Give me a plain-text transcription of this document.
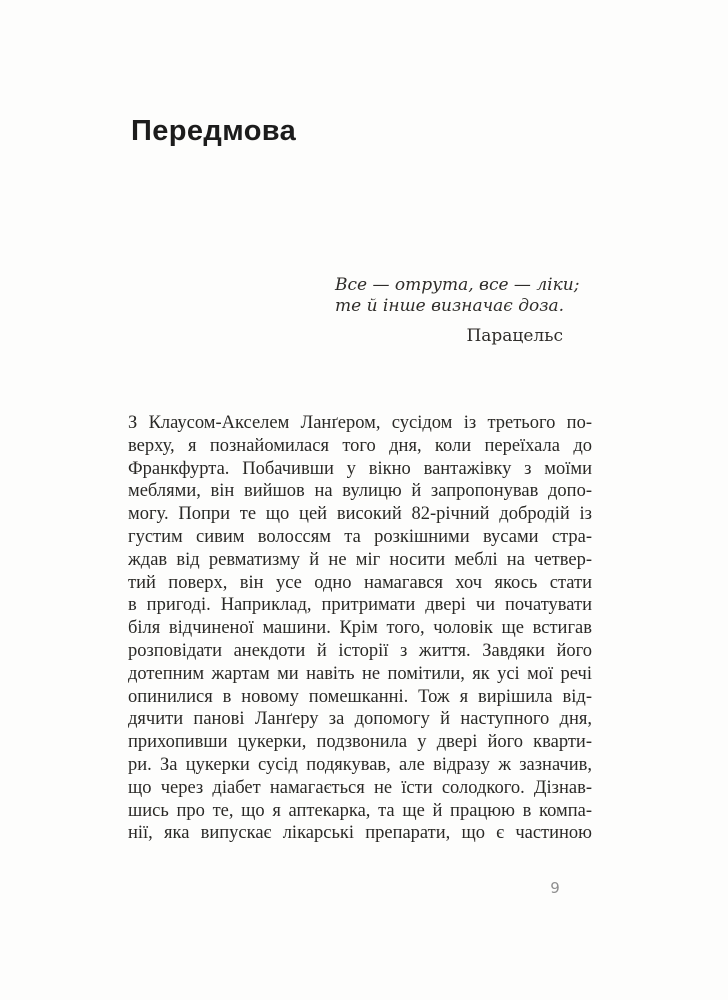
Передмова
Все — отрута, все — ліки;
те й інше визначає доза.
Парацельс
З Клаусом-Акселем Ланґером, сусідом із третього по-
верху, я познайомилася того дня, коли переїхала до
Франкфурта. Побачивши у вікно вантажівку з моїми
меблями, він вийшов на вулицю й запропонував допо-
могу. Попри те що цей високий 82-річний добродій із
густим сивим волоссям та розкішними вусами стра-
ждав від ревматизму й не міг носити меблі на четвер-
тий поверх, він усе одно намагався хоч якось стати
в пригоді. Наприклад, притримати двері чи початувати
біля відчиненої машини. Крім того, чоловік ще встигав
розповідати анекдоти й історії з життя. Завдяки його
дотепним жартам ми навіть не помітили, як усі мої речі
опинилися в новому помешканні. Тож я вирішила від-
дячити панові Ланґеру за допомогу й наступного дня,
прихопивши цукерки, подзвонила у двері його кварти-
ри. За цукерки сусід подякував, але відразу ж зазначив,
що через діабет намагається не їсти солодкого. Дізнав-
шись про те, що я аптекарка, та ще й працюю в компа-
нії, яка випускає лікарські препарати, що є частиною
9
